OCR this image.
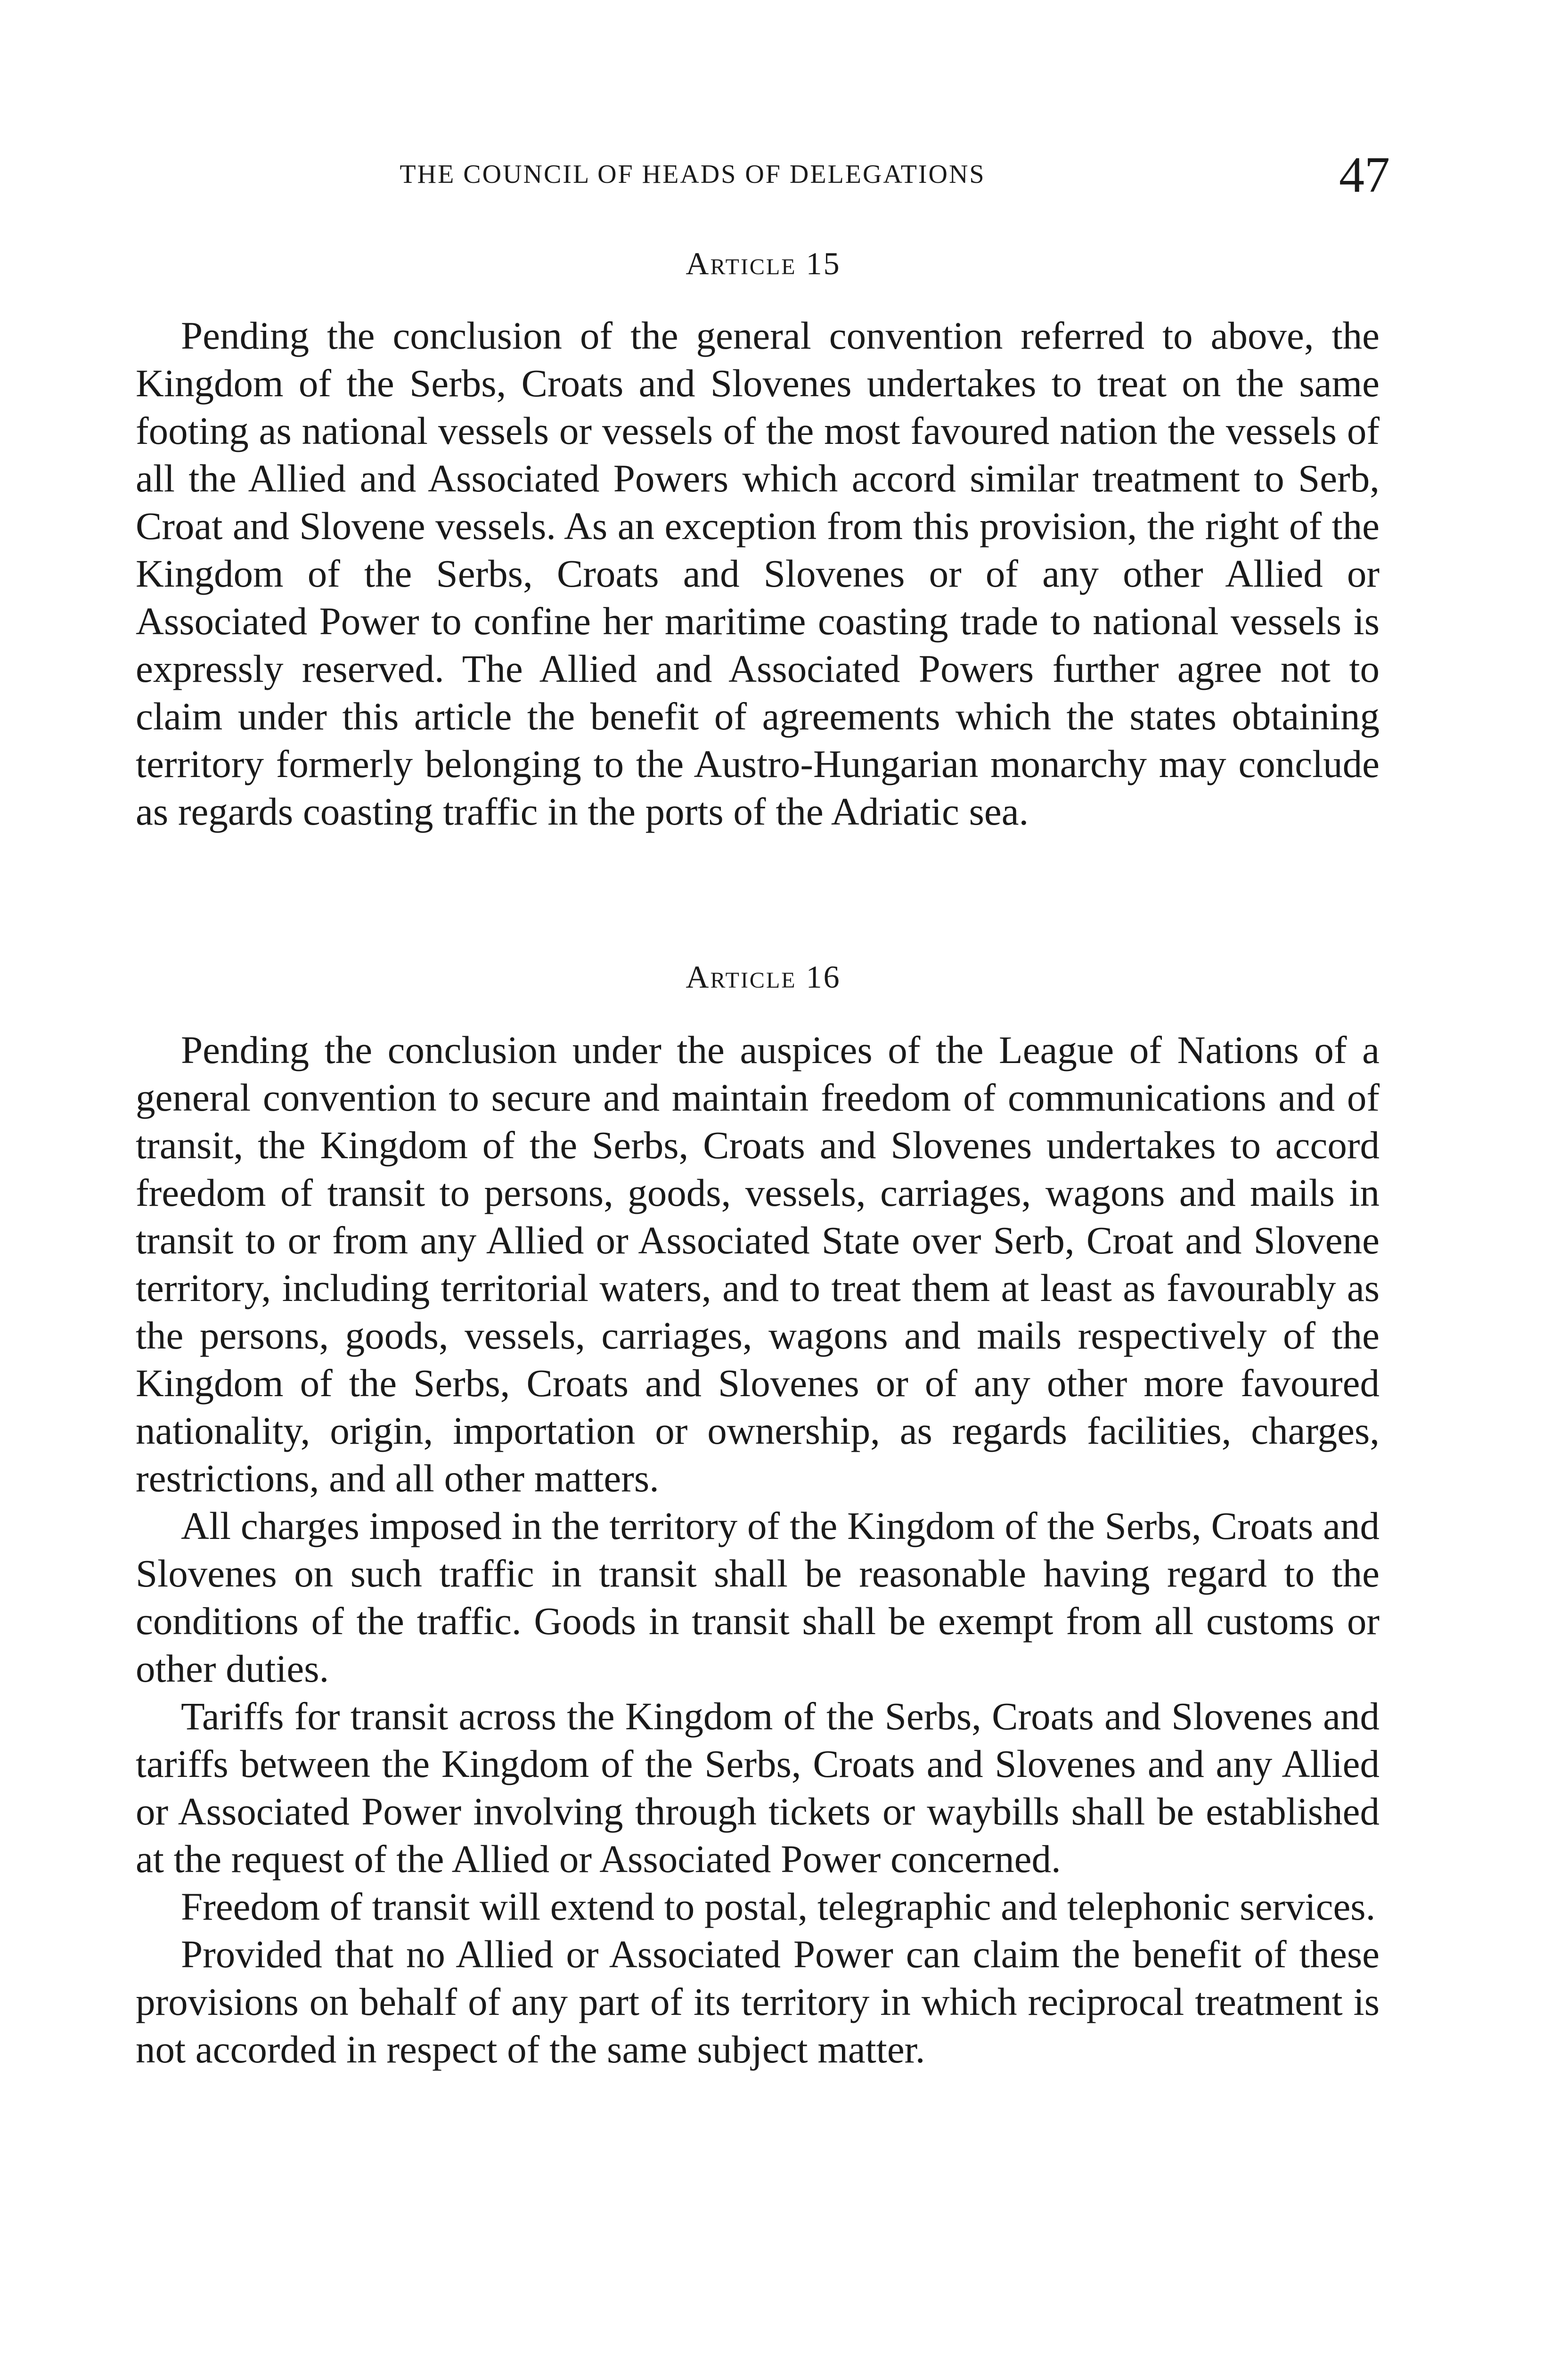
THE COUNCIL OF HEADS OF DELEGATIONS	47
Article 15

Pending the conclusion of the general convention referred to above, the Kingdom of the Serbs, Croats and Slovenes undertakes to treat on the same footing as national vessels or vessels of the most favoured nation the vessels of all the Allied and Associated Powers which accord similar treatment to Serb, Croat and Slovene vessels. As an exception from this provision, the right of the Kingdom of the Serbs, Croats and Slovenes or of any other Allied or Associated Power to confine her maritime coasting trade to national vessels is expressly reserved. The Allied and Associated Powers further agree not to claim under this article the benefit of agreements which the states obtaining territory formerly belonging to the Austro-Hungarian monarchy may conclude as regards coasting traffic in the ports of the Adriatic sea.

Article 16

Pending the conclusion under the auspices of the League of Nations of a general convention to secure and maintain freedom of communications and of transit, the Kingdom of the Serbs, Croats and Slovenes undertakes to accord freedom of transit to persons, goods, vessels, carriages, wagons and mails in transit to or from any Allied or Associated State over Serb, Croat and Slovene territory, including territorial waters, and to treat them at least as favourably as the persons, goods, vessels, carriages, wagons and mails respectively of the Kingdom of the Serbs, Croats and Slovenes or of any other more favoured nationality, origin, importation or ownership, as regards facilities, charges, restrictions, and all other matters.

All charges imposed in the territory of the Kingdom of the Serbs, Croats and Slovenes on such traffic in transit shall be reasonable having regard to the conditions of the traffic. Goods in transit shall be exempt from all customs or other duties.

Tariffs for transit across the Kingdom of the Serbs, Croats and Slovenes and tariffs between the Kingdom of the Serbs, Croats and Slovenes and any Allied or Associated Power involving through tickets or waybills shall be established at the request of the Allied or Associated Power concerned.

Freedom of transit will extend to postal, telegraphic and telephonic services.

Provided that no Allied or Associated Power can claim the benefit of these provisions on behalf of any part of its territory in which reciprocal treatment is not accorded in respect of the same subject matter.
